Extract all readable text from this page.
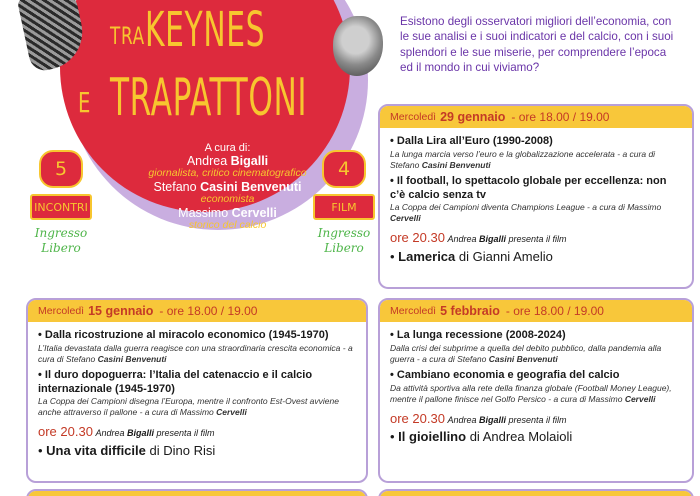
TRA KEYNES
E TRAPATTONI
A cura di:
Andrea Bigalli
giornalista, critico cinematografico
Stefano Casini Benvenuti
economista
Massimo Cervelli
storico del calcio
5
INCONTRI
Ingresso
Libero
4
FILM
Ingresso
Libero
Esistono degli osservatori migliori dell’economia, con le sue analisi e i suoi indicatori e del calcio, con i suoi splendori e le sue miserie, per comprendere l’epoca ed il mondo in cui viviamo?
Mercoledì 29 gennaio - ore 18.00 / 19.00
• Dalla Lira all’Euro (1990-2008)
La lunga marcia verso l’euro e la globalizzazione accelerata - a cura di Stefano Casini Benvenuti
• Il football, lo spettacolo globale per eccellenza: non c’è calcio senza tv
La Coppa dei Campioni diventa Champions League - a cura di Massimo Cervelli
ore 20.30 Andrea Bigalli presenta il film
• Lamerica di Gianni Amelio
Mercoledì 15 gennaio - ore 18.00 / 19.00
• Dalla ricostruzione al miracolo economico (1945-1970)
L’Italia devastata dalla guerra reagisce con una straordinaria crescita economica - a cura di Stefano Casini Benvenuti
• Il duro dopoguerra: l’Italia del catenaccio e il calcio internazionale (1945-1970)
La Coppa dei Campioni disegna l’Europa, mentre il confronto Est-Ovest avviene anche attraverso il pallone - a cura di Massimo Cervelli
ore 20.30 Andrea Bigalli presenta il film
• Una vita difficile di Dino Risi
Mercoledì 5 febbraio - ore 18.00 / 19.00
• La lunga recessione (2008-2024)
Dalla crisi dei subprime a quella del debito pubblico, dalla pandemia alla guerra - a cura di Stefano Casini Benvenuti
• Cambiano economia e geografia del calcio
Da attività sportiva alla rete della finanza globale (Football Money League), mentre il pallone finisce nel Golfo Persico - a cura di Massimo Cervelli
ore 20.30 Andrea Bigalli presenta il film
• Il gioiellino di Andrea Molaioli
